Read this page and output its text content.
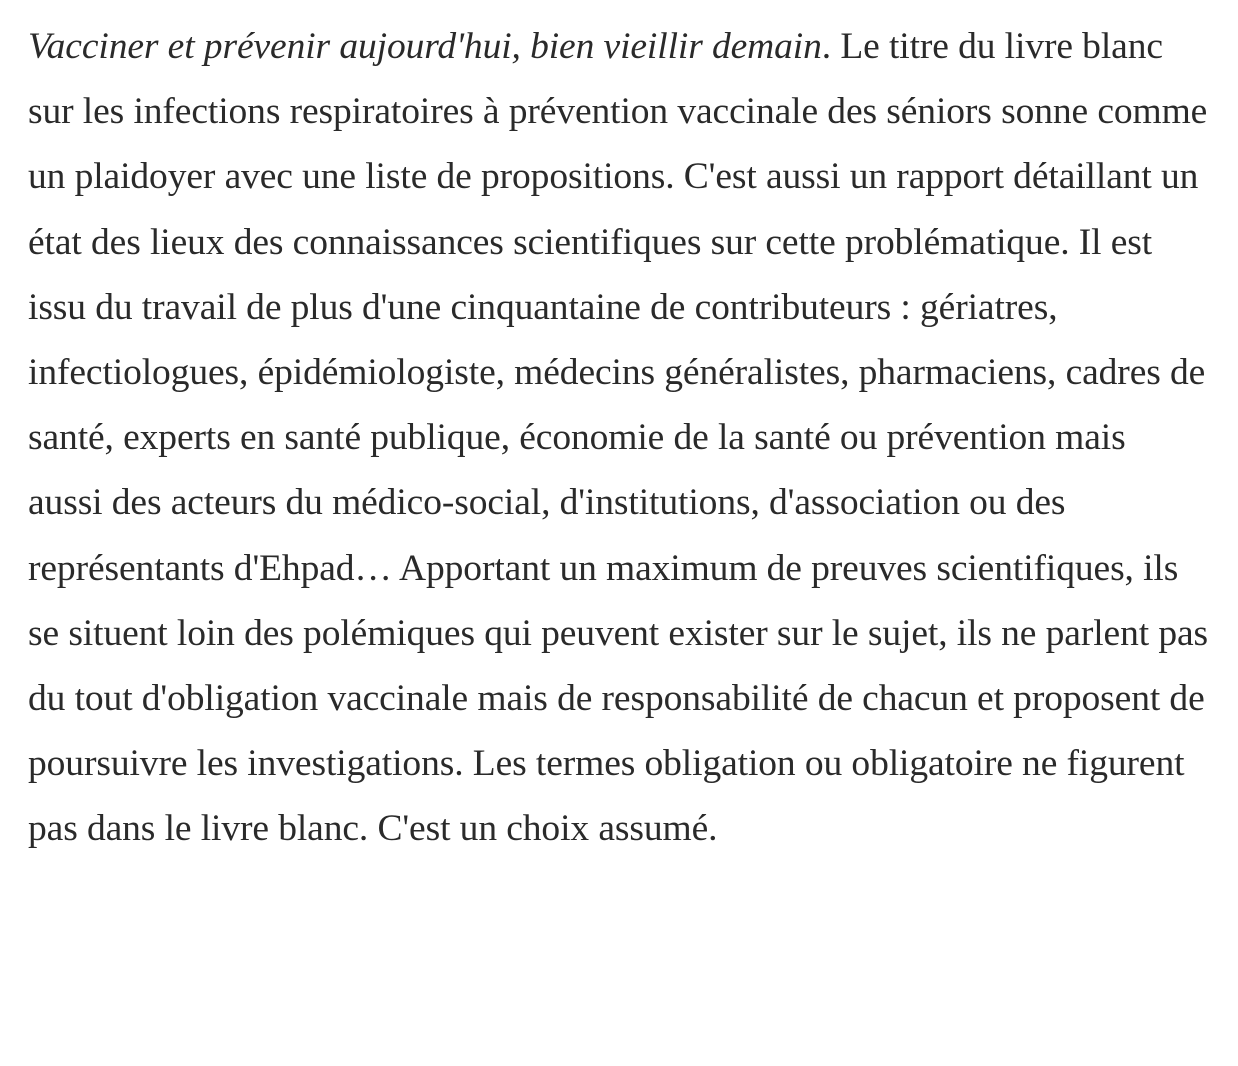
Vacciner et prévenir aujourd'hui, bien vieillir demain. Le titre du livre blanc sur les infections respiratoires à prévention vaccinale des séniors sonne comme un plaidoyer avec une liste de propositions. C'est aussi un rapport détaillant un état des lieux des connaissances scientifiques sur cette problématique. Il est issu du travail de plus d'une cinquantaine de contributeurs : gériatres, infectiologues, épidémiologiste, médecins généralistes, pharmaciens, cadres de santé, experts en santé publique, économie de la santé ou prévention mais aussi des acteurs du médico-social, d'institutions, d'association ou des représentants d'Ehpad… Apportant un maximum de preuves scientifiques, ils se situent loin des polémiques qui peuvent exister sur le sujet, ils ne parlent pas du tout d'obligation vaccinale mais de responsabilité de chacun et proposent de poursuivre les investigations. Les termes obligation ou obligatoire ne figurent pas dans le livre blanc. C'est un choix assumé.
